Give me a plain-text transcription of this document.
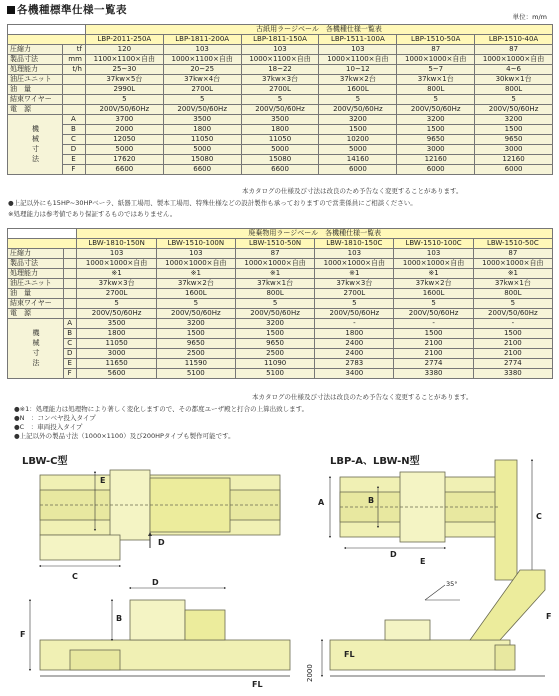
各機種標準仕様一覧表
単位：m/m
		古紙用ラージベール　各機種仕様一覧表					
		LBP-2011-250A	LBP-1811-200A	LBP-1811-150A	LBP-1511-100A	LBP-1510-50A	LBP-1510-40A
圧縮力	tf	120	103	103	103	87	87
製品寸法	mm	1100×1100×自由	1000×1100×自由	1000×1100×自由	1000×1100×自由	1000×1000×自由	1000×1000×自由
処理能力	t/h	25~30	20~25	18~22	10~12	5~7	4~6
油圧ユニット		37kw×5台	37kw×4台	37kw×3台	37kw×2台	37kw×1台	30kw×1台
油　量		2990L	2700L	2700L	1600L	800L	800L
結束ワイヤー		5	5	5	5	5	5
電　源		200V/50/60Hz	200V/50/60Hz	200V/50/60Hz	200V/50/60Hz	200V/50/60Hz	200V/50/60Hz
機械寸法	A	3700	3500	3500	3200	3200	3200
	B	2000	1800	1800	1500	1500	1500
	C	12050	11050	11050	10200	9650	9650
	D	5000	5000	5000	5000	3000	3000
	E	17620	15080	15080	14160	12160	12160
	F	6600	6600	6600	6000	6000	6000
本カタログの仕様及び寸法は改良のため予告なく変更することがあります。
●上記以外にも15HP~30HPベーラ、紙器工場用、製本工場用、特殊仕様などの設計製作も承っておりますので営業係員にご相談ください。
※処理能力は参考値であり保証するものではありません。
		廃棄物用ラージベール　各機種仕様一覧表					
		LBW-1810-150N	LBW-1510-100N	LBW-1510-50N	LBW-1810-150C	LBW-1510-100C	LBW-1510-50C
圧縮力		103	103	87	103	103	87
製品寸法		1000×1000×自由	1000×1000×自由	1000×1000×自由	1000×1000×自由	1000×1000×自由	1000×1000×自由
処理能力		※1	※1	※1	※1	※1	※1
油圧ユニット		37kw×3台	37kw×2台	37kw×1台	37kw×3台	37kw×2台	37kw×1台
油　量		2700L	1600L	800L	2700L	1600L	800L
結束ワイヤー		5	5	5	5	5	5
電　源		200V/50/60Hz	200V/50/60Hz	200V/50/60Hz	200V/50/60Hz	200V/50/60Hz	200V/50/60Hz
機械寸法	A	3500	3200	3200	-	-	-
	B	1800	1500	1500	1800	1500	1500
	C	11050	9650	9650	2400	2100	2100
	D	3000	2500	2500	2400	2100	2100
	E	11650	11590	11090	2783	2774	2774
	F	5600	5100	5100	3400	3380	3380
本カタログの仕様及び寸法は改良のため予告なく変更することがあります。
●※1：処理能力は処理物により著しく変化しますので、その都度ユーザ殿と打合の上算出致します。
●N　：コンベヤ投入タイプ
●C　：車両投入タイプ
●上記以外の製品寸法（1000×1100）及び200HPタイプも製作可能です。
LBW-C型	LBP-A、LBW-N型
E
C
D
D
B
F
FL
A	B
C
D
E
FL
F
2000
35°
